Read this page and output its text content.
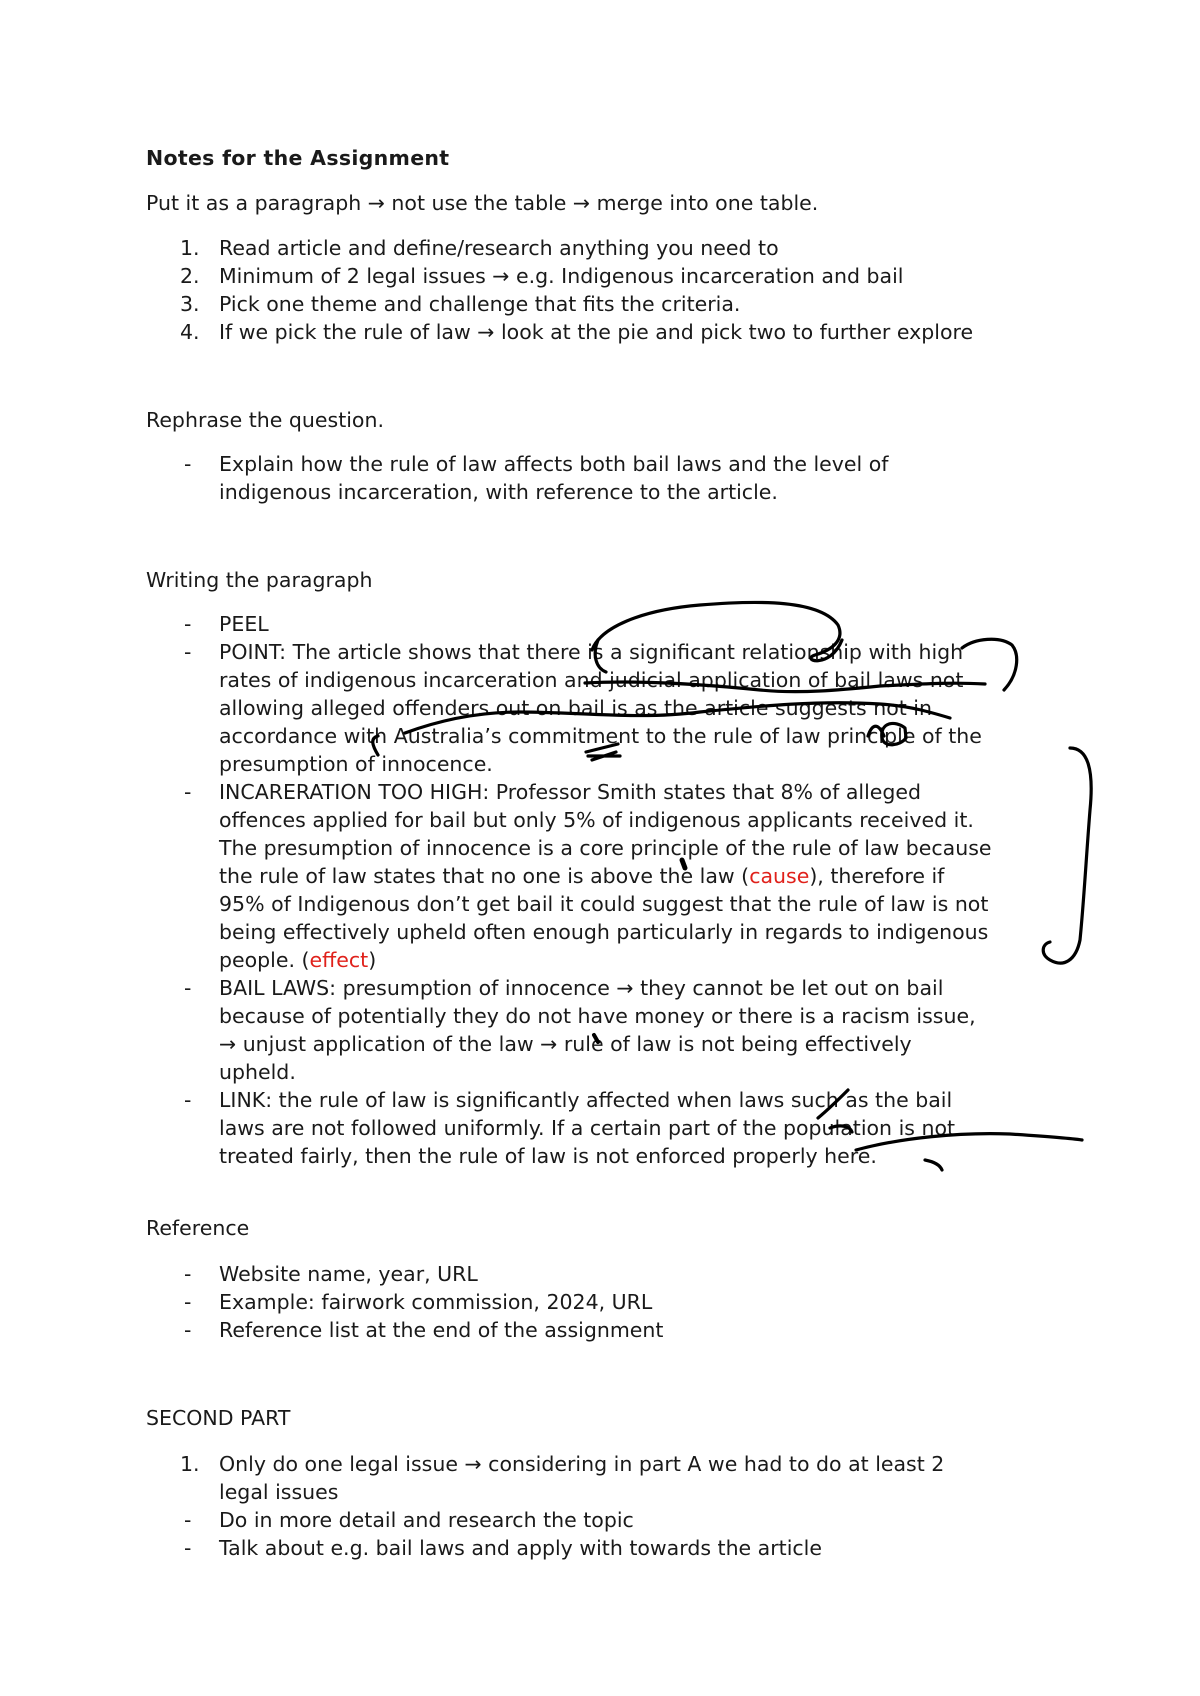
Notes for the Assignment
Put it as a paragraph → not use the table → merge into one table.
1. Read article and define/research anything you need to
2. Minimum of 2 legal issues → e.g. Indigenous incarceration and bail
3. Pick one theme and challenge that fits the criteria.
4. If we pick the rule of law → look at the pie and pick two to further explore
Rephrase the question.
- Explain how the rule of law affects both bail laws and the level of
indigenous incarceration, with reference to the article.
Writing the paragraph
- PEEL
- POINT: The article shows that there is a significant relationship with high
rates of indigenous incarceration and judicial application of bail laws not
allowing alleged offenders out on bail is as the article suggests not in
accordance with Australia’s commitment to the rule of law principle of the
presumption of innocence.
- INCARERATION TOO HIGH: Professor Smith states that 8% of alleged
offences applied for bail but only 5% of indigenous applicants received it.
The presumption of innocence is a core principle of the rule of law because
the rule of law states that no one is above the law (cause), therefore if
95% of Indigenous don’t get bail it could suggest that the rule of law is not
being effectively upheld often enough particularly in regards to indigenous
people. (effect)
- BAIL LAWS: presumption of innocence → they cannot be let out on bail
because of potentially they do not have money or there is a racism issue,
→ unjust application of the law → rule of law is not being effectively
upheld.
- LINK: the rule of law is significantly affected when laws such as the bail
laws are not followed uniformly. If a certain part of the population is not
treated fairly, then the rule of law is not enforced properly here.
Reference
- Website name, year, URL
- Example: fairwork commission, 2024, URL
- Reference list at the end of the assignment
SECOND PART
1. Only do one legal issue → considering in part A we had to do at least 2
legal issues
- Do in more detail and research the topic
- Talk about e.g. bail laws and apply with towards the article
